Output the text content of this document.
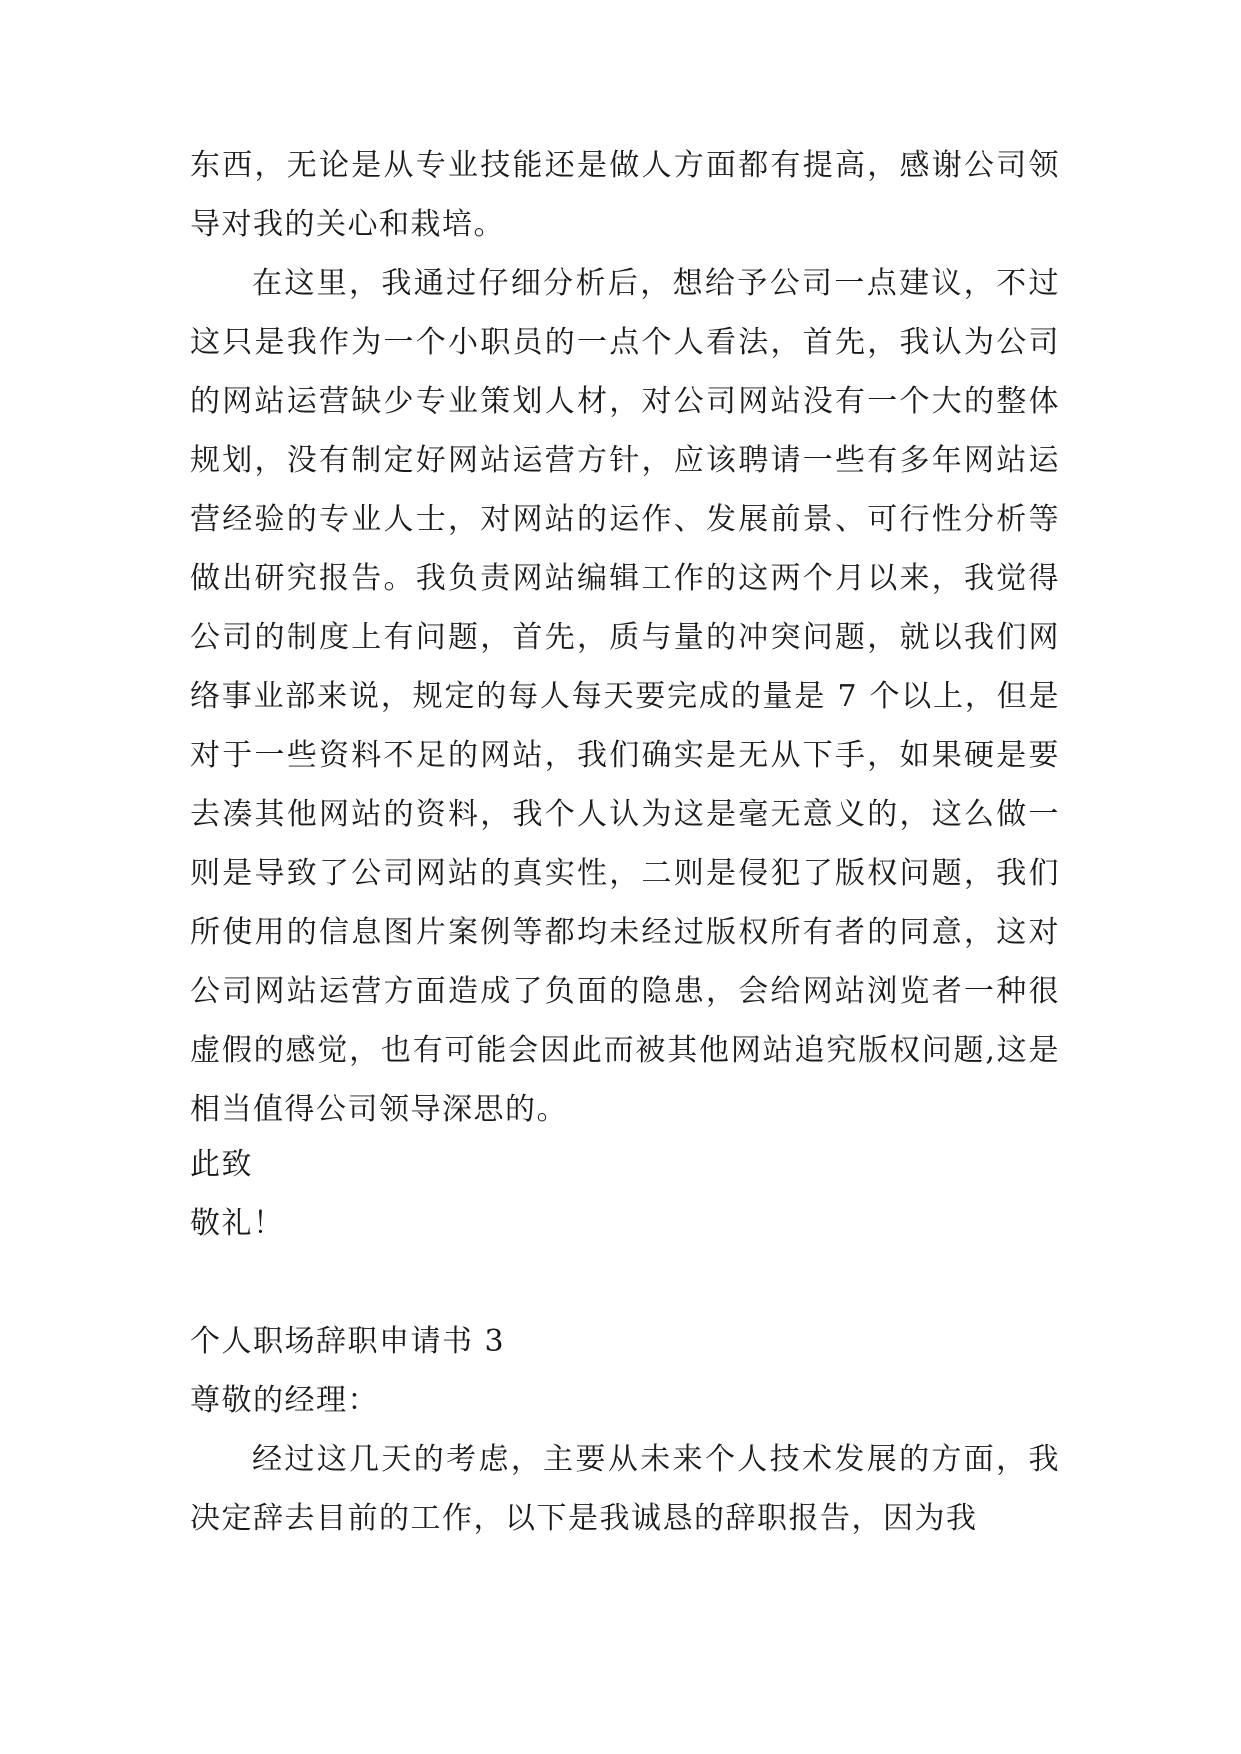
东西，无论是从专业技能还是做人方面都有提高，感谢公司领导对我的关心和栽培。

在这里，我通过仔细分析后，想给予公司一点建议，不过这只是我作为一个小职员的一点个人看法，首先，我认为公司的网站运营缺少专业策划人材，对公司网站没有一个大的整体规划，没有制定好网站运营方针，应该聘请一些有多年网站运营经验的专业人士，对网站的运作、发展前景、可行性分析等做出研究报告。我负责网站编辑工作的这两个月以来，我觉得公司的制度上有问题，首先，质与量的冲突问题，就以我们网络事业部来说，规定的每人每天要完成的量是 7 个以上，但是对于一些资料不足的网站，我们确实是无从下手，如果硬是要去凑其他网站的资料，我个人认为这是毫无意义的，这么做一则是导致了公司网站的真实性，二则是侵犯了版权问题，我们所使用的信息图片案例等都均未经过版权所有者的同意，这对公司网站运营方面造成了负面的隐患，会给网站浏览者一种很虚假的感觉，也有可能会因此而被其他网站追究版权问题,这是相当值得公司领导深思的。

此致

敬礼！

个人职场辞职申请书 3

尊敬的经理：

经过这几天的考虑，主要从未来个人技术发展的方面，我决定辞去目前的工作，以下是我诚恳的辞职报告，因为我
